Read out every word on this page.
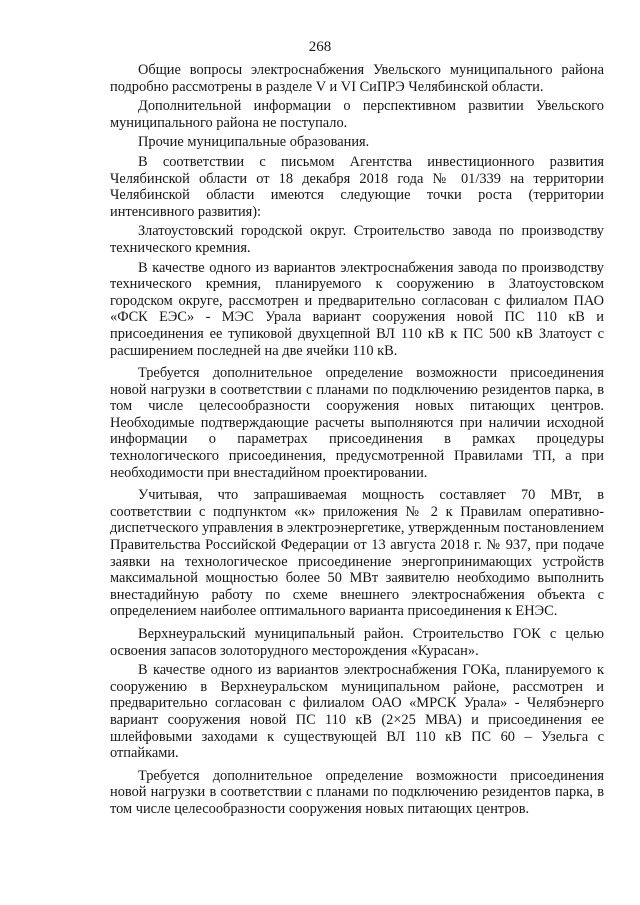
268

Общие вопросы электроснабжения Увельского муниципального района подробно рассмотрены в разделе V и VI СиПРЭ Челябинской области.

Дополнительной информации о перспективном развитии Увельского муниципального района не поступало.

Прочие муниципальные образования.

В соответствии с письмом Агентства инвестиционного развития Челябинской области от 18 декабря 2018 года № 01/339 на территории Челябинской области имеются следующие точки роста (территории интенсивного развития):

Златоустовский городской округ. Строительство завода по производству технического кремния.

В качестве одного из вариантов электроснабжения завода по производству технического кремния, планируемого к сооружению в Златоустовском городском округе, рассмотрен и предварительно согласован с филиалом ПАО «ФСК ЕЭС» - МЭС Урала вариант сооружения новой ПС 110 кВ и присоединения ее тупиковой двухцепной ВЛ 110 кВ к ПС 500 кВ Златоуст с расширением последней на две ячейки 110 кВ.

Требуется дополнительное определение возможности присоединения новой нагрузки в соответствии с планами по подключению резидентов парка, в том числе целесообразности сооружения новых питающих центров. Необходимые подтверждающие расчеты выполняются при наличии исходной информации о параметрах присоединения в рамках процедуры технологического присоединения, предусмотренной Правилами ТП, а при необходимости при внестадийном проектировании.

Учитывая, что запрашиваемая мощность составляет 70 МВт, в соответствии с подпунктом «к» приложения № 2 к Правилам оперативно-диспетческого управления в электроэнергетике, утвержденным постановлением Правительства Российской Федерации от 13 августа 2018 г. № 937, при подаче заявки на технологическое присоединение энергопринимающих устройств максимальной мощностью более 50 МВт заявителю необходимо выполнить внестадийную работу по схеме внешнего электроснабжения объекта с определением наиболее оптимального варианта присоединения к ЕНЭС.

Верхнеуральский муниципальный район. Строительство ГОК с целью освоения запасов золоторудного месторождения «Курасан».

В качестве одного из вариантов электроснабжения ГОКа, планируемого к сооружению в Верхнеуральском муниципальном районе, рассмотрен и предварительно согласован с филиалом ОАО «МРСК Урала» - Челябэнерго вариант сооружения новой ПС 110 кВ (2×25 МВА) и присоединения ее шлейфовыми заходами к существующей ВЛ 110 кВ ПС 60 – Узельга с отпайками.

Требуется дополнительное определение возможности присоединения новой нагрузки в соответствии с планами по подключению резидентов парка, в том числе целесообразности сооружения новых питающих центров.
